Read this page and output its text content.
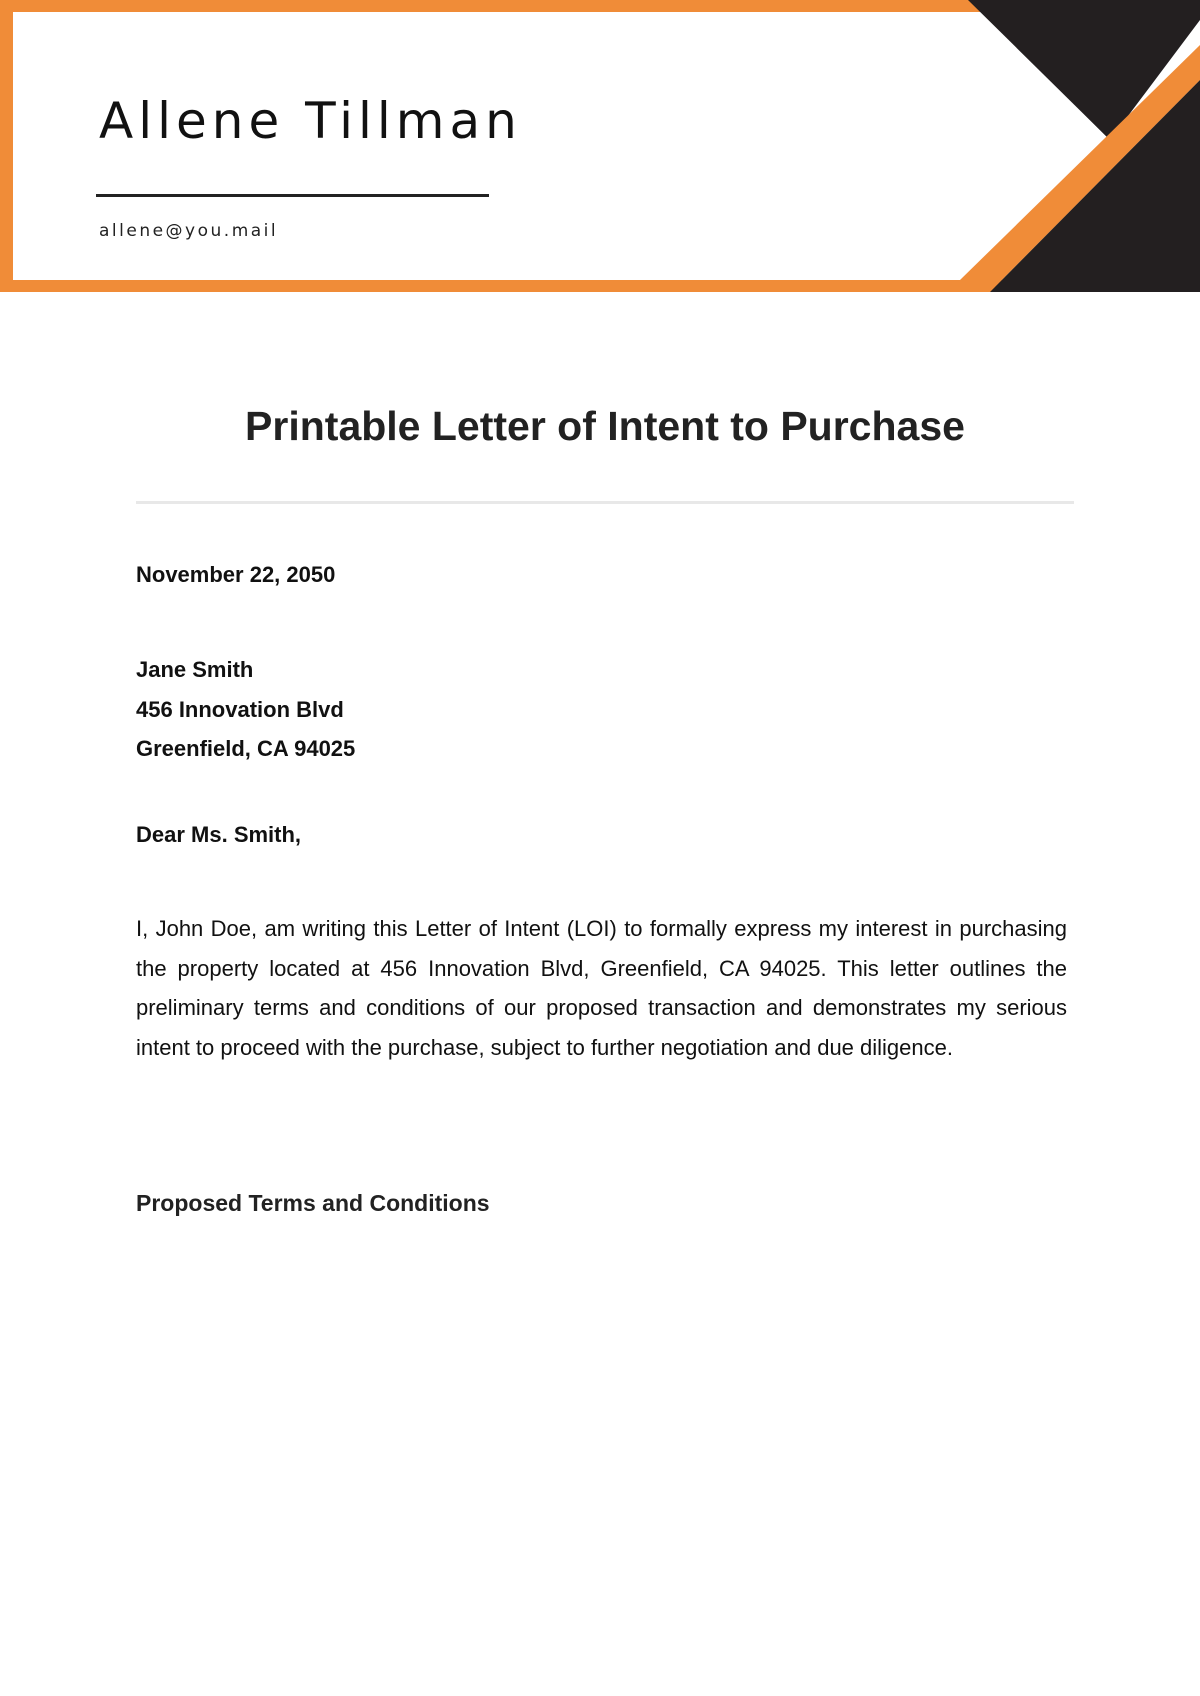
Allene Tillman
allene@you.mail
Printable Letter of Intent to Purchase
November 22, 2050
Jane Smith
456 Innovation Blvd
Greenfield, CA 94025
Dear Ms. Smith,

I, John Doe, am writing this Letter of Intent (LOI) to formally express my interest in purchasing the property located at 456 Innovation Blvd, Greenfield, CA 94025. This letter outlines the preliminary terms and conditions of our proposed transaction and demonstrates my serious intent to proceed with the purchase, subject to further negotiation and due diligence.

Proposed Terms and Conditions
